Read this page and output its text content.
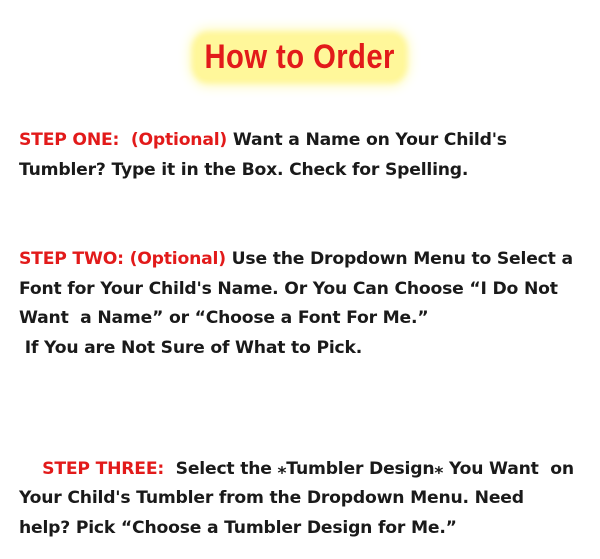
How to Order
STEP ONE: (Optional) Want a Name on Your Child's
Tumbler? Type it in the Box. Check for Spelling.
STEP TWO: (Optional) Use the Dropdown Menu to Select a
Font for Your Child's Name. Or You Can Choose “I Do Not
Want  a Name” or “Choose a Font For Me.”
If You are Not Sure of What to Pick.

STEP THREE: Select the ⁎Tumbler Design⁎ You Want  on
Your Child's Tumbler from the Dropdown Menu. Need
help? Pick “Choose a Tumbler Design for Me.”
